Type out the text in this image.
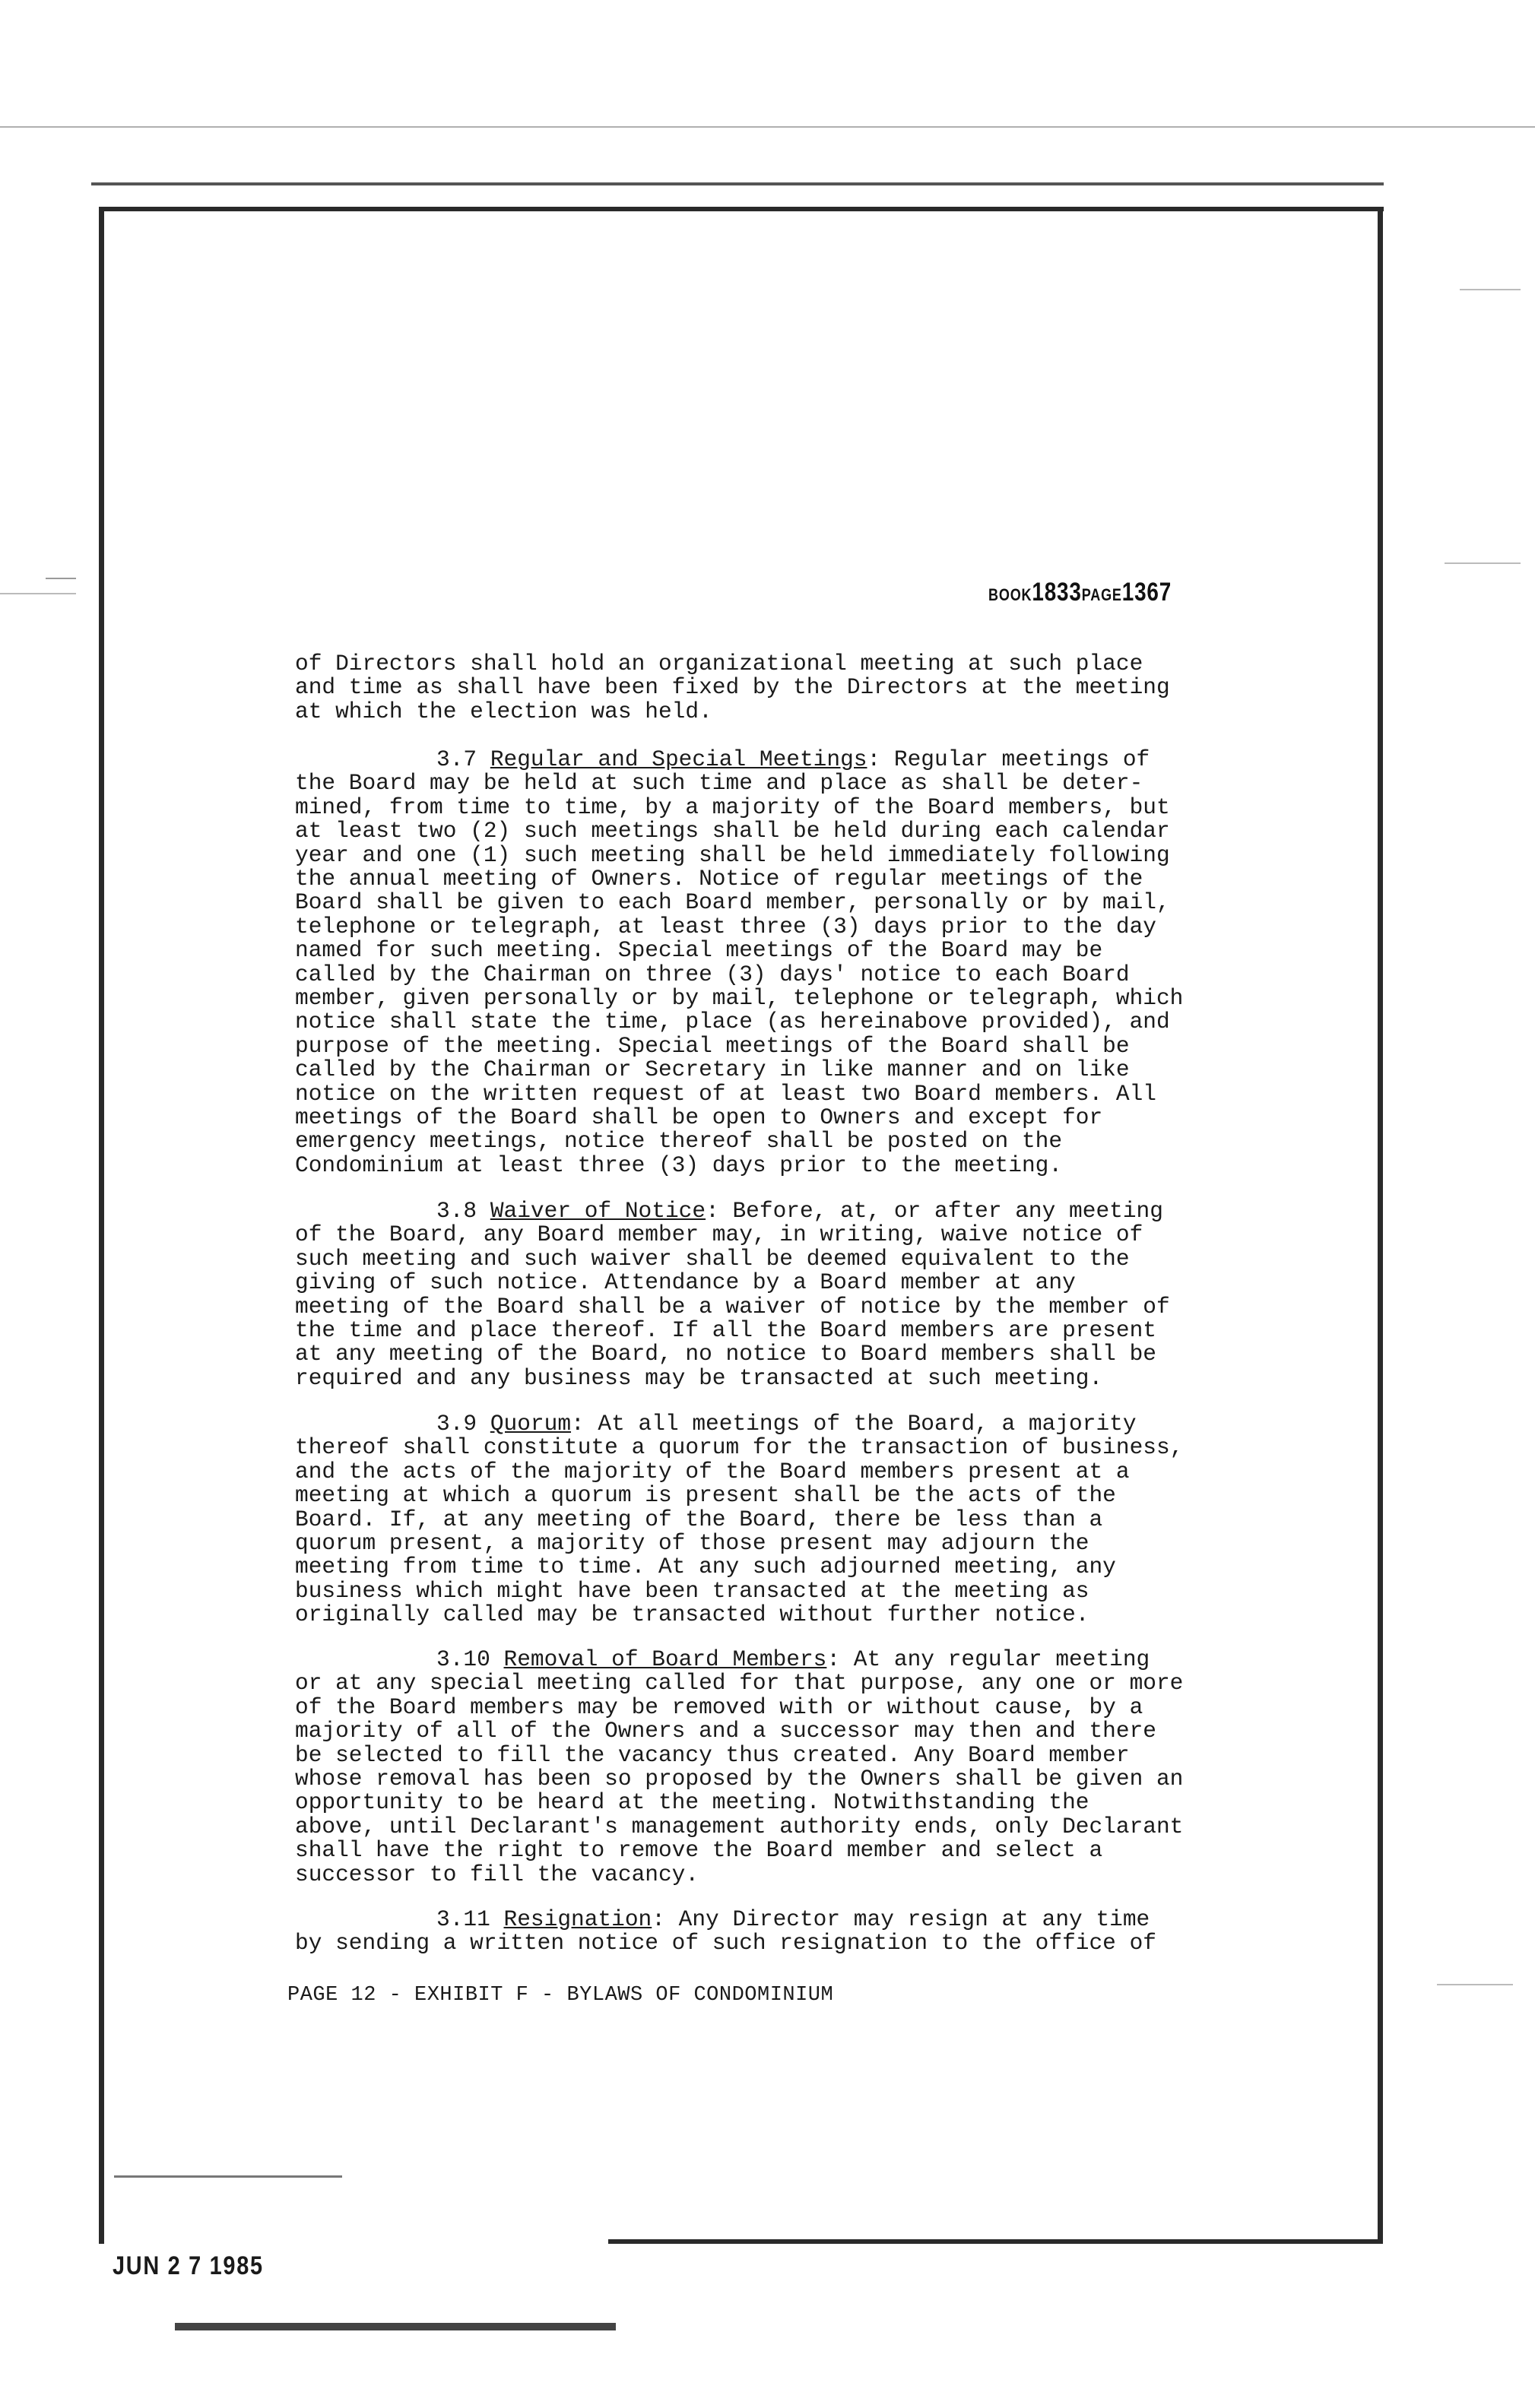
BOOK1833PAGE1367

of Directors shall hold an organizational meeting at such place
and time as shall have been fixed by the Directors at the meeting
at which the election was held.

3.7 Regular and Special Meetings: Regular meetings of

the Board may be held at such time and place as shall be deter-
mined, from time to time, by a majority of the Board members, but
at least two (2) such meetings shall be held during each calendar
year and one (1) such meeting shall be held immediately following
the annual meeting of Owners. Notice of regular meetings of the
Board shall be given to each Board member, personally or by mail,
telephone or telegraph, at least three (3) days prior to the day
named for such meeting. Special meetings of the Board may be
called by the Chairman on three (3) days' notice to each Board
member, given personally or by mail, telephone or telegraph, which
notice shall state the time, place (as hereinabove provided), and
purpose of the meeting. Special meetings of the Board shall be
called by the Chairman or Secretary in like manner and on like
notice on the written request of at least two Board members. All
meetings of the Board shall be open to Owners and except for
emergency meetings, notice thereof shall be posted on the
Condominium at least three (3) days prior to the meeting.

3.8 Waiver of Notice: Before, at, or after any meeting

of the Board, any Board member may, in writing, waive notice of
such meeting and such waiver shall be deemed equivalent to the
giving of such notice. Attendance by a Board member at any
meeting of the Board shall be a waiver of notice by the member of
the time and place thereof. If all the Board members are present
at any meeting of the Board, no notice to Board members shall be
required and any business may be transacted at such meeting.

3.9 Quorum: At all meetings of the Board, a majority

thereof shall constitute a quorum for the transaction of business,
and the acts of the majority of the Board members present at a
meeting at which a quorum is present shall be the acts of the
Board. If, at any meeting of the Board, there be less than a
quorum present, a majority of those present may adjourn the
meeting from time to time. At any such adjourned meeting, any
business which might have been transacted at the meeting as
originally called may be transacted without further notice.

3.10 Removal of Board Members: At any regular meeting

or at any special meeting called for that purpose, any one or more
of the Board members may be removed with or without cause, by a
majority of all of the Owners and a successor may then and there
be selected to fill the vacancy thus created. Any Board member
whose removal has been so proposed by the Owners shall be given an
opportunity to be heard at the meeting. Notwithstanding the
above, until Declarant's management authority ends, only Declarant
shall have the right to remove the Board member and select a
successor to fill the vacancy.

3.11 Resignation: Any Director may resign at any time

by sending a written notice of such resignation to the office of

PAGE 12 - EXHIBIT F - BYLAWS OF CONDOMINIUM
JUN 2 7 1985
